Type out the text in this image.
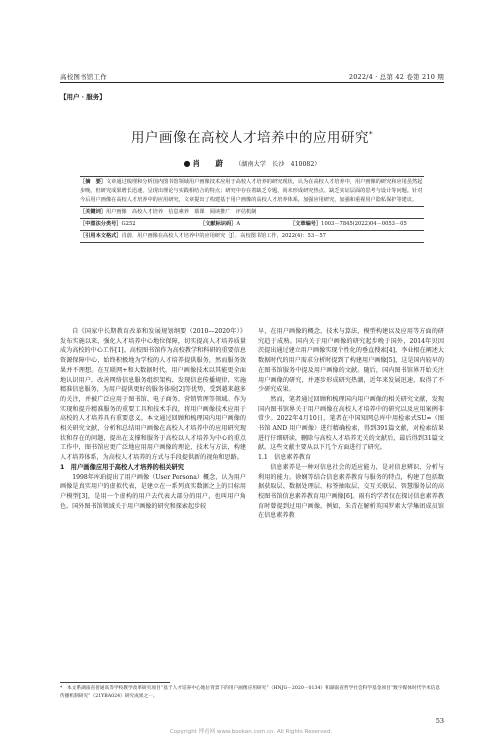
高校图书馆工作	2022/4 · 总第 42 卷第 210 期
【用户 · 服务】
用户画像在高校人才培养中的应用研究*
● 肖　蔚 （湖南大学　长沙　410082）

［摘　要］文章通过梳理和分析国内图书馆领域用户画像技术应用于高校人才培养的研究现状，认为在高校人才培养中，用户画像的研究和应用虽然起步晚，但研究成果增长迅速，呈现出理论与实践相结合的特点；研究中存在着缺乏专题、尚未形成研究热点、缺乏实证层面的思考与设计等问题。针对今后用户画像在高校人才培养中的应用研究，文章提出了构建基于用户画像的高校人才培养体系，加强应用研究，加强和重视用户隐私保护等建议。

［关键词］用户画像　高校人才培养　信息素养　慕课　阅读推广　评估机制

［中图法分类号］G252	［文献标识码］A	［文章编号］1003－7845(2022)04－0053－05

［引用本文格式］肖蔚．用户画像在高校人才培养中的应用研究［J］．高校图书馆工作，2022(4)：53－57

自《国家中长期教育改革和发展规划纲要（2010—2020年）》发布实施以来，强化人才培养中心地位保障，切实提高人才培养质量成为高校的中心工作[1]。高校图书馆作为高校教学和科研的重要信息资源保障中心，始终积极地为学校的人才培养提供服务，然而服务效果并不理想。在互联网+和大数据时代，用户画像技术以其能更全面地认识用户，改善网络信息服务组织架构、发现信息传播规律、实施精准信息服务，为用户提供更好的服务体验[2]等优势，受到越来越多的关注，并被广泛应用于图书馆、电子商务、营销管理等领域。作为实现和提升精准服务的重要工具和技术手段，将用户画像技术应用于高校的人才培养具有重要意义。本文通过回顾和梳理国内用户画像的相关研究文献，分析和总结用户画像在高校人才培养中的应用研究现状和存在的问题，提出在支撑和服务于高校以人才培养为中心的重点工作中，图书馆应更广泛地应用用户画像的理论、技术与方法，构建人才培养体系，为高校人才培养的方式与手段提供新的视角和思路。

1　用户画像应用于高校人才培养的相关研究

1998年库珀提出了用户画像（User Persona）概念，认为用户画像是真实用户的虚拟代表，是建立在一系列真实数据之上的目标用户模型[3]，是用一个虚构的用户去代表大部分的用户，也叫用户角色。国外图书馆领域关于用户画像的研究和探索起步较

早，在用户画像的概念、技术与算法、模型构建以及应用等方面的研究趋于成熟。国内关于用户画像的研究起步晚于国外，2014年贝因茨提出通过建立用户画像实现个性化的垂直搜索[4]，李业根在阐述大数据时代的用户需求分析时提到了构建用户画像[5]，这是国内较早的在图书馆服务中提及用户画像的文献。随后，国内图书馆界开始关注用户画像的研究，并逐步形成研究热潮，近年来发展迅速，取得了不少研究成果。

然而，笔者通过回顾和梳理国内用户画像的相关研究文献，发现国内图书馆界关于用户画像在高校人才培养中的研究以及应用案例非常少。2022年4月10日，笔者在中国知网总库中用检索式SU=（图书馆 AND 用户画像）进行精确检索，得到391篇文献，对检索结果进行仔细研读，删除与高校人才培养无关的文献后，最后得到31篇文献。这些文献主要从以下几个方面进行了研究。

1.1　信息素养教育

信息素养是一种对信息社会的适应能力，是对信息辨识、分析与利用的能力。徐娴等结合信息素养教育与服务的特点，构建了包括数据获取层、数据处理层、标签抽取层、交互关联层、智慧服务层的高校图书馆信息素养教育用户画像[6]。雨有约学者仅在探讨信息素养教育时曾提到过用户画像。例如，朱青在解析英国罗素大学集团成员馆在信息素养教

*　 本文系湖南省普通高等学校教学改革研究项目“基于人才培养中心地位背景下的用户画像应用研究”（HNJG－2020－0134）和湖南省哲学社会科学基金项目“数字媒体时代学术信息传播机制研究”（21YBA024）研究成果之一。
53
Copyright 博看网 www.bookan.com.cn. All Rights Reserved.
